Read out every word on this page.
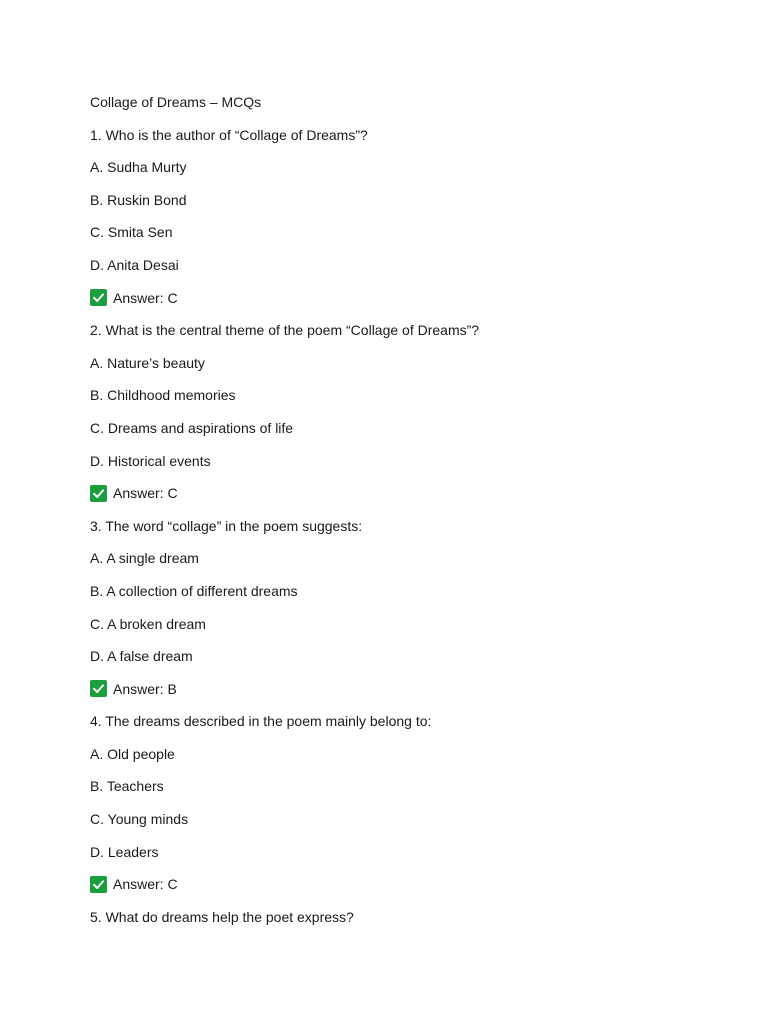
Collage of Dreams – MCQs
1. Who is the author of “Collage of Dreams”?
A. Sudha Murty
B. Ruskin Bond
C. Smita Sen
D. Anita Desai
Answer: C
2. What is the central theme of the poem “Collage of Dreams”?
A. Nature’s beauty
B. Childhood memories
C. Dreams and aspirations of life
D. Historical events
Answer: C
3. The word “collage” in the poem suggests:
A. A single dream
B. A collection of different dreams
C. A broken dream
D. A false dream
Answer: B
4. The dreams described in the poem mainly belong to:
A. Old people
B. Teachers
C. Young minds
D. Leaders
Answer: C
5. What do dreams help the poet express?
